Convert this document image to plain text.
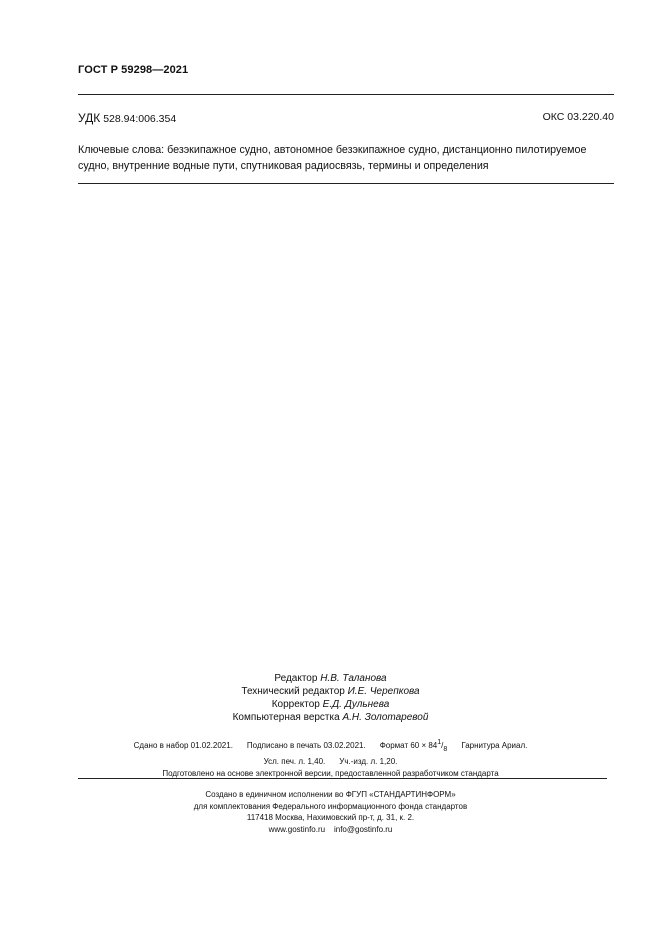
ГОСТ Р 59298—2021
УДК 528.94:006.354	ОКС 03.220.40
Ключевые слова: безэкипажное судно, автономное безэкипажное судно, дистанционно пилотируемое
судно, внутренние водные пути, спутниковая радиосвязь, термины и определения
Редактор Н.В. Таланова
Технический редактор И.Е. Черепкова
Корректор Е.Д. Дульнева
Компьютерная верстка А.Н. Золотаревой
Сдано в набор 01.02.2021. Подписано в печать 03.02.2021. Формат $60 \times 84^1/_8$ Гарнитура Ариал.
Усл. печ. л. 1,40. Уч.-изд. л. 1,20.
Подготовлено на основе электронной версии, предоставленной разработчиком стандарта
Создано в единичном исполнении во ФГУП «СТАНДАРТИНФОРМ»
для комплектования Федерального информационного фонда стандартов
117418 Москва, Нахимовский пр-т, д. 31, к. 2.
www.gostinfo.ru info@gostinfo.ru
